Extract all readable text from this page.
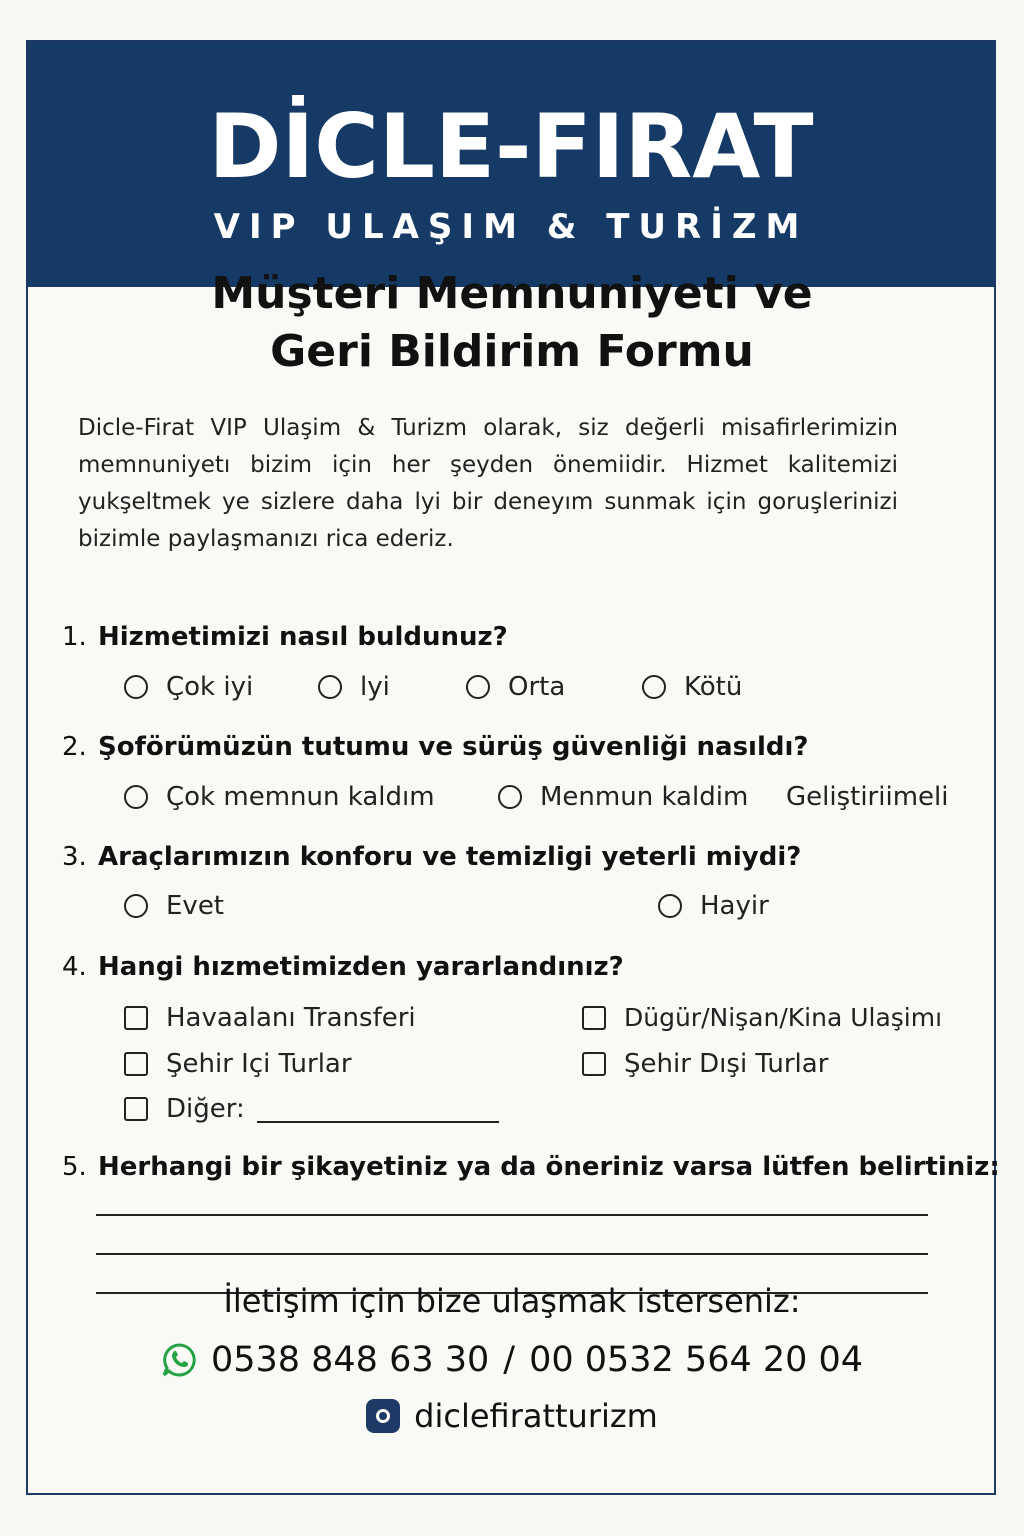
DİCLE-FIRAT
VIP ULAŞIM & TURİZM
Müşteri Memnuniyeti ve
Geri Bildirim Formu
Dicle-Firat VIP Ulaşim & Turizm olarak, siz değerli misafirlerimizin memnuniyetı bizim için her şeyden önemiidir. Hizmet kalitemizi yukşeltmek ye sizlere daha lyi bir deneyım sunmak için goruşlerinizi bizimle paylaşmanızı rica ederiz.
1. Hizmetimizi nasıl buldunuz?
Çok iyi	lyi	Orta	Kötü
2. Şoförümüzün tutumu ve sürüş güvenliği nasıldı?
Çok memnun kaldım	Menmun kaldim Geliştiriimeli
3. Araçlarımızın konforu ve temizligi yeterli miydi?
Evet	Hayir
4. Hangi hızmetimizden yararlandınız?
Havaalanı Transferi	Dügür/Nişan/Kina Ulaşimı
Şehir Içi Turlar	Şehir Dışi Turlar
Diğer:
5. Herhangi bir şikayetiniz ya da öneriniz varsa lütfen belirtiniz:
İletişim için bize ulaşmak isterseniz:
0538 848 63 30 / 00 0532 564 20 04
diclefiratturizm
